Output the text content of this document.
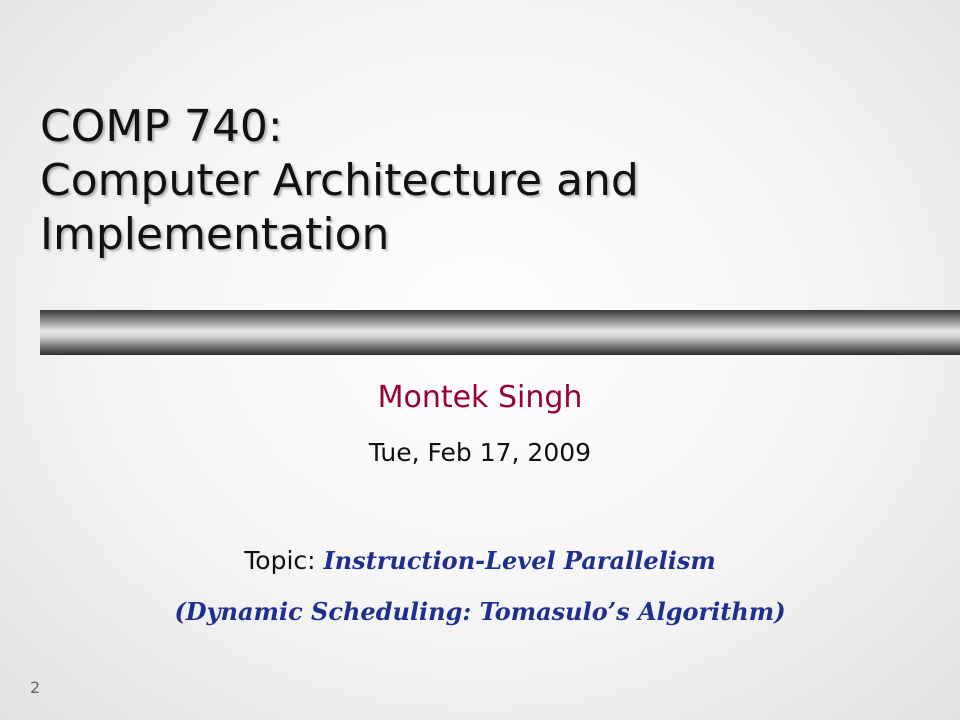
COMP 740:
Computer Architecture and
Implementation
Montek Singh
Tue, Feb 17, 2009
Topic: Instruction-Level Parallelism
(Dynamic Scheduling: Tomasulo’s Algorithm)
2
